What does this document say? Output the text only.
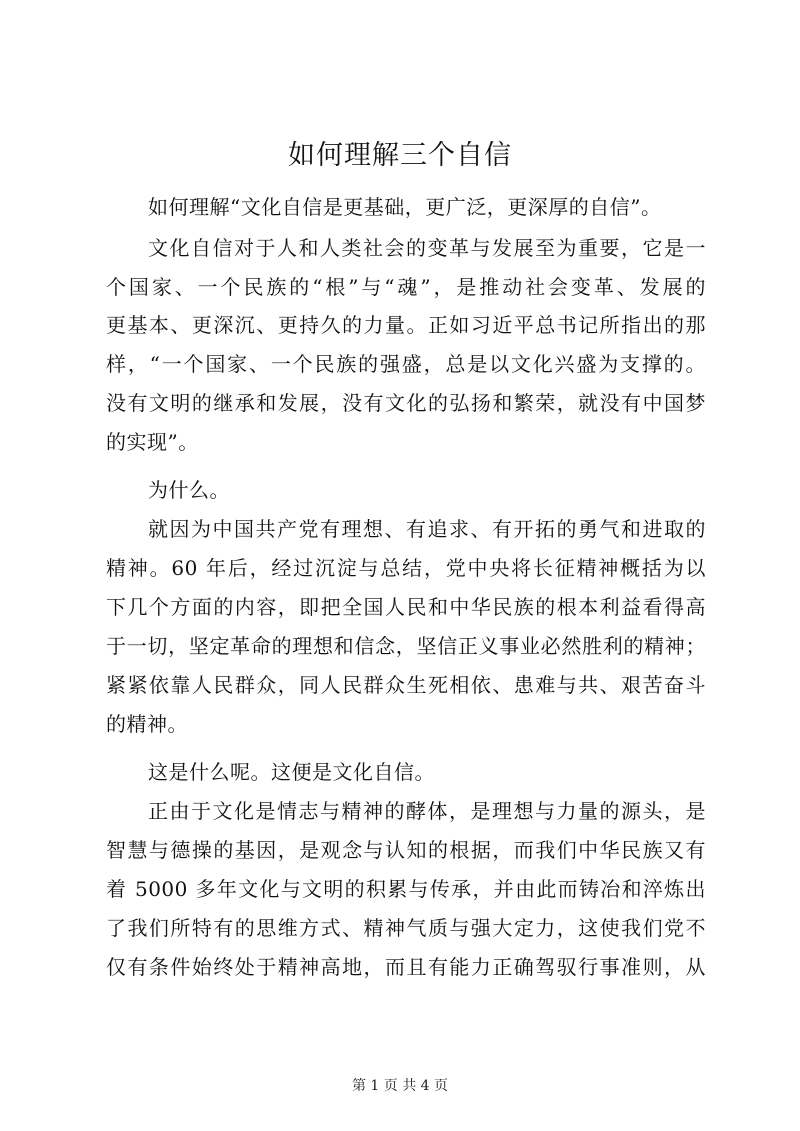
如何理解三个自信
如何理解“文化自信是更基础，更广泛，更深厚的自信”。
文化自信对于人和人类社会的变革与发展至为重要，它是一
个国家、一个民族的“根”与“魂”，是推动社会变革、发展的
更基本、更深沉、更持久的力量。正如习近平总书记所指出的那
样，“一个国家、一个民族的强盛，总是以文化兴盛为支撑的。
没有文明的继承和发展，没有文化的弘扬和繁荣，就没有中国梦
的实现”。
为什么。
就因为中国共产党有理想、有追求、有开拓的勇气和进取的
精神。60 年后，经过沉淀与总结，党中央将长征精神概括为以
下几个方面的内容，即把全国人民和中华民族的根本利益看得高
于一切，坚定革命的理想和信念，坚信正义事业必然胜利的精神；
紧紧依靠人民群众，同人民群众生死相依、患难与共、艰苦奋斗
的精神。
这是什么呢。这便是文化自信。
正由于文化是情志与精神的酵体，是理想与力量的源头，是
智慧与德操的基因，是观念与认知的根据，而我们中华民族又有
着 5000 多年文化与文明的积累与传承，并由此而铸冶和淬炼出
了我们所特有的思维方式、精神气质与强大定力，这使我们党不
仅有条件始终处于精神高地，而且有能力正确驾驭行事准则，从
第 1 页 共 4 页
